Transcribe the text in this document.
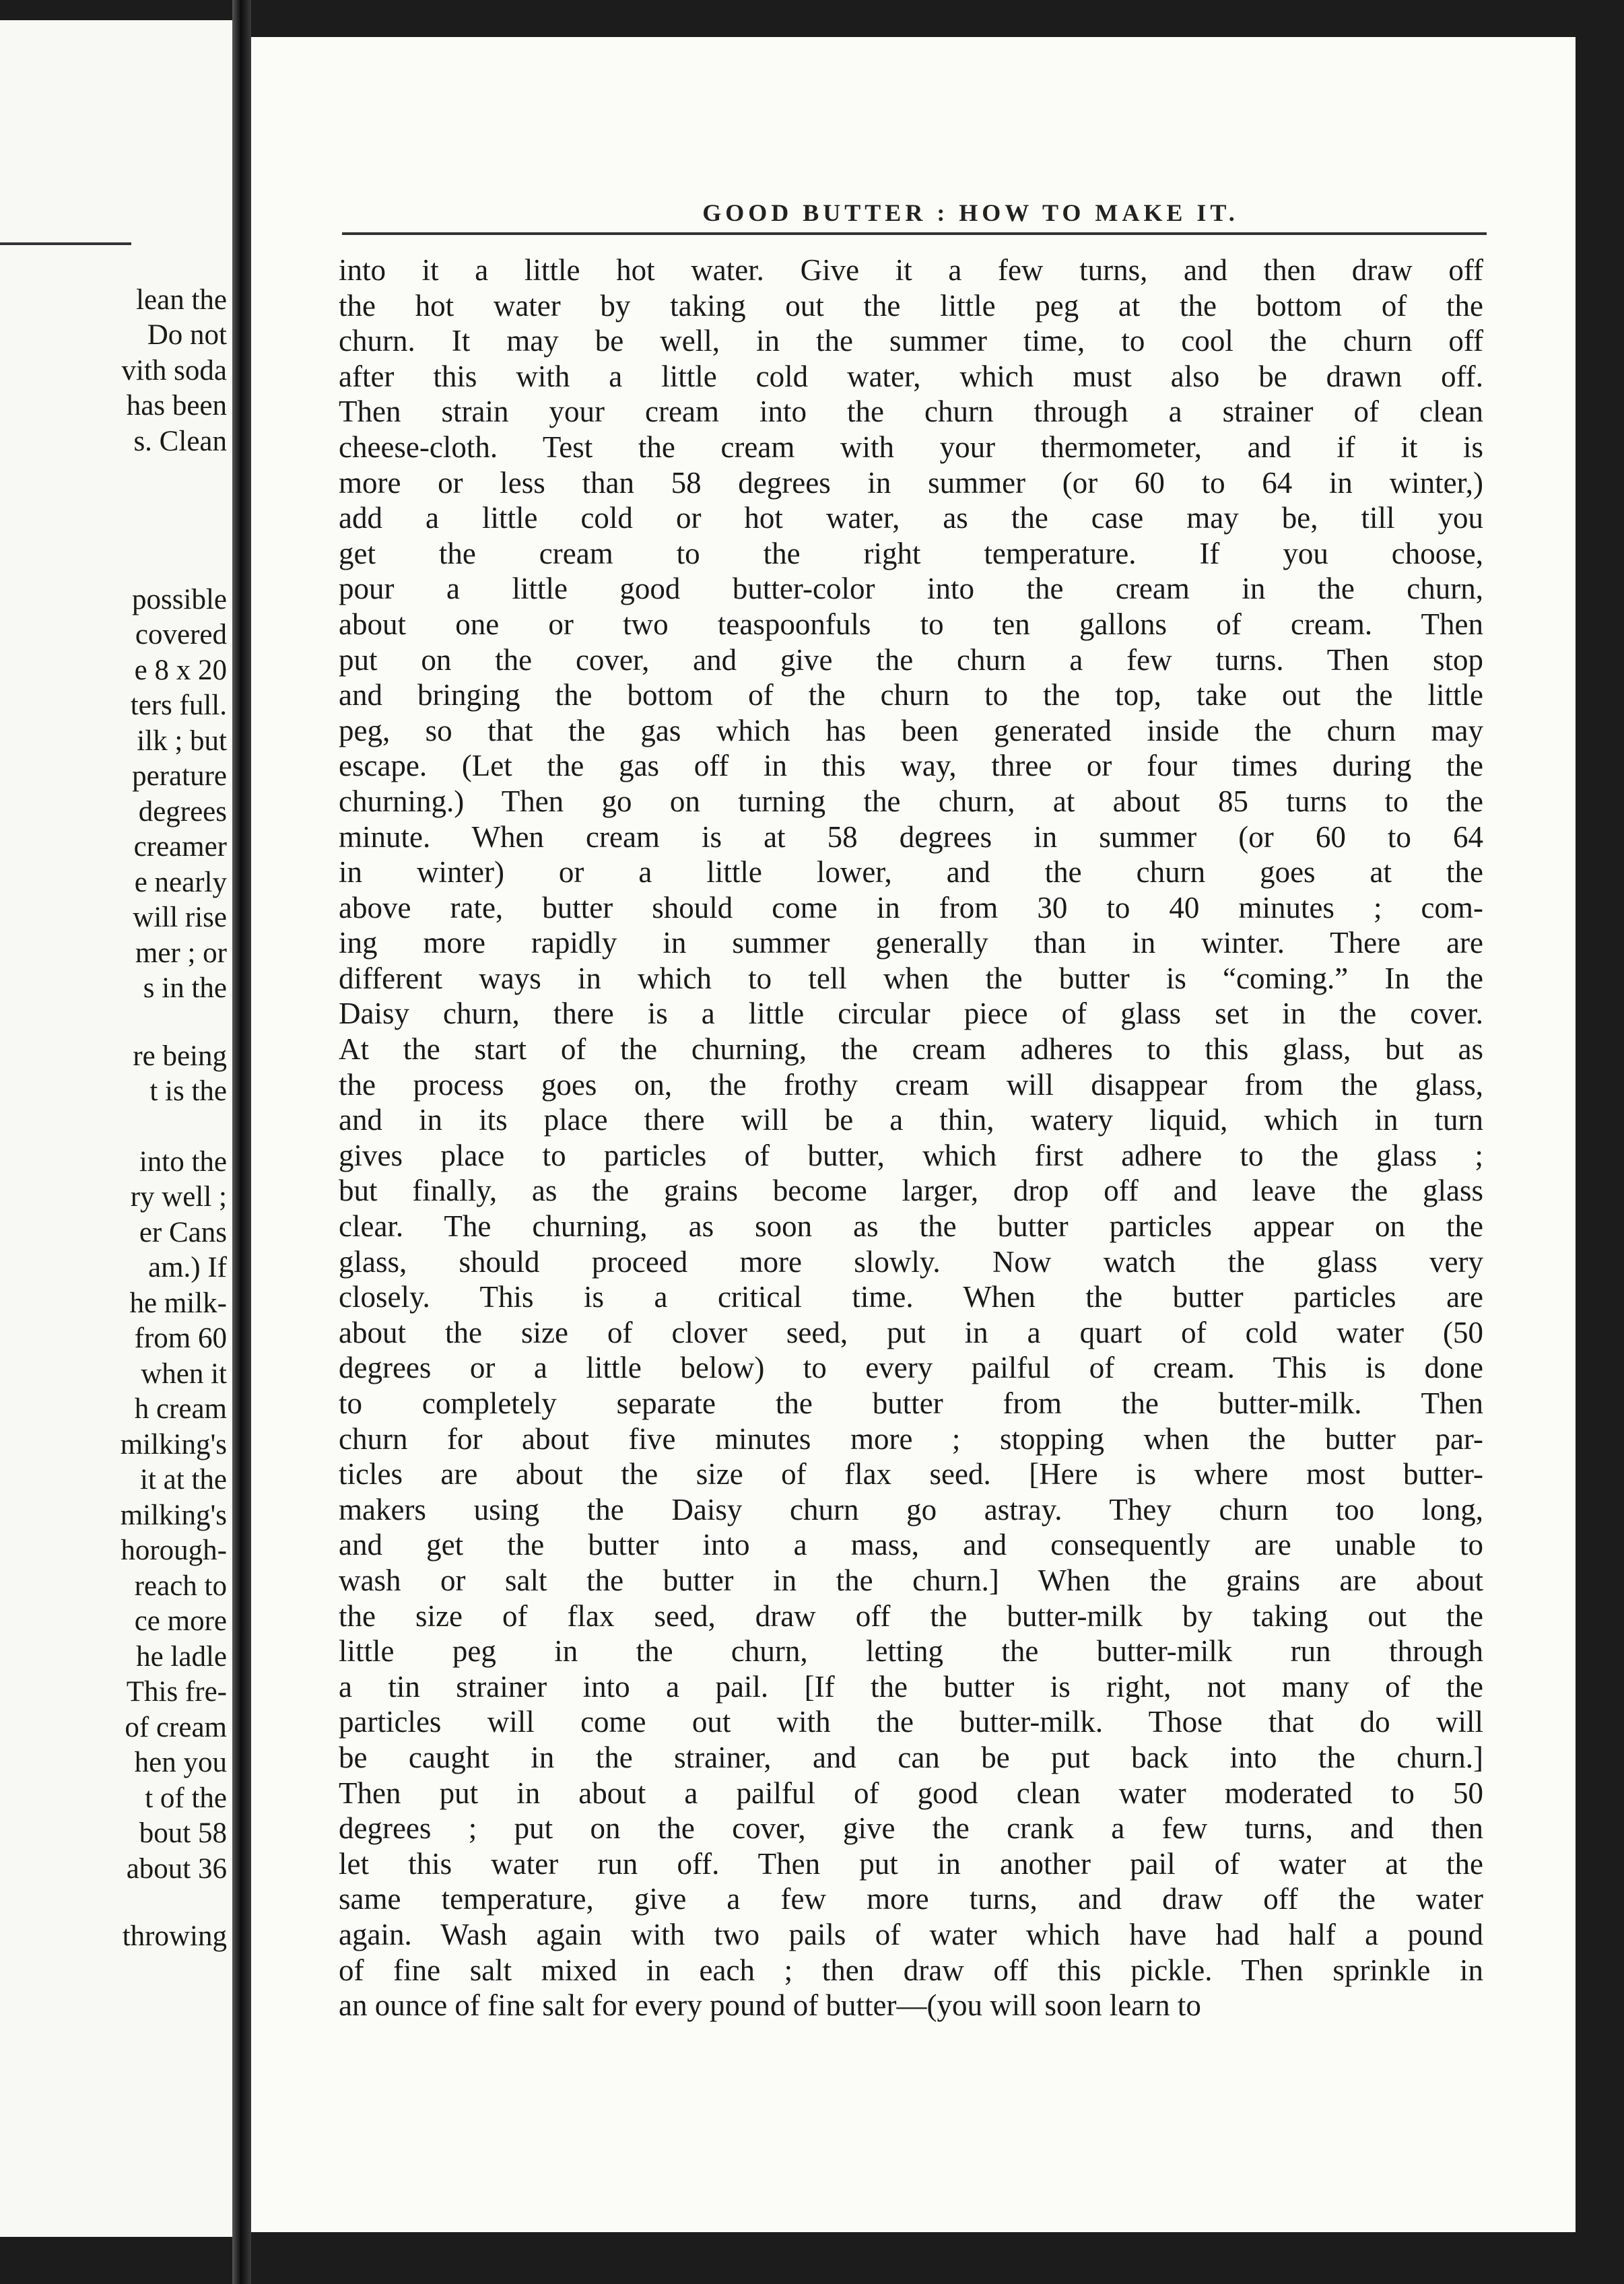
lean the
Do not
vith soda
has been
s. Clean
possible
covered
e 8 x 20
ters full.
ilk ; but
perature
degrees
creamer
e nearly
will rise
mer ; or
s in the
re being
t is the
into the
ry well ;
er Cans
am.) If
he milk-
from 60
when it
h cream
milking's
it at the
milking's
horough-
reach to
ce more
he ladle
This fre-
of cream
hen you
t of the
bout 58
about 36
throwing
GOOD BUTTER : HOW TO MAKE IT.
into it a little hot water. Give it a few turns, and then draw off
the hot water by taking out the little peg at the bottom of the
churn. It may be well, in the summer time, to cool the churn off
after this with a little cold water, which must also be drawn off.
Then strain your cream into the churn through a strainer of clean
cheese-cloth. Test the cream with your thermometer, and if it is
more or less than 58 degrees in summer (or 60 to 64 in winter,)
add a little cold or hot water, as the case may be, till you
get the cream to the right temperature. If you choose,
pour a little good butter-color into the cream in the churn,
about one or two teaspoonfuls to ten gallons of cream. Then
put on the cover, and give the churn a few turns. Then stop
and bringing the bottom of the churn to the top, take out the little
peg, so that the gas which has been generated inside the churn may
escape. (Let the gas off in this way, three or four times during the
churning.) Then go on turning the churn, at about 85 turns to the
minute. When cream is at 58 degrees in summer (or 60 to 64
in winter) or a little lower, and the churn goes at the
above rate, butter should come in from 30 to 40 minutes ; com-
ing more rapidly in summer generally than in winter. There are
different ways in which to tell when the butter is “coming.” In the
Daisy churn, there is a little circular piece of glass set in the cover.
At the start of the churning, the cream adheres to this glass, but as
the process goes on, the frothy cream will disappear from the glass,
and in its place there will be a thin, watery liquid, which in turn
gives place to particles of butter, which first adhere to the glass ;
but finally, as the grains become larger, drop off and leave the glass
clear. The churning, as soon as the butter particles appear on the
glass, should proceed more slowly. Now watch the glass very
closely. This is a critical time. When the butter particles are
about the size of clover seed, put in a quart of cold water (50
degrees or a little below) to every pailful of cream. This is done
to completely separate the butter from the butter-milk. Then
churn for about five minutes more ; stopping when the butter par-
ticles are about the size of flax seed. [Here is where most butter-
makers using the Daisy churn go astray. They churn too long,
and get the butter into a mass, and consequently are unable to
wash or salt the butter in the churn.] When the grains are about
the size of flax seed, draw off the butter-milk by taking out the
little peg in the churn, letting the butter-milk run through
a tin strainer into a pail. [If the butter is right, not many of the
particles will come out with the butter-milk. Those that do will
be caught in the strainer, and can be put back into the churn.]
Then put in about a pailful of good clean water moderated to 50
degrees ; put on the cover, give the crank a few turns, and then
let this water run off. Then put in another pail of water at the
same temperature, give a few more turns, and draw off the water
again. Wash again with two pails of water which have had half a pound
of fine salt mixed in each ; then draw off this pickle. Then sprinkle in
an ounce of fine salt for every pound of butter—(you will soon learn to
